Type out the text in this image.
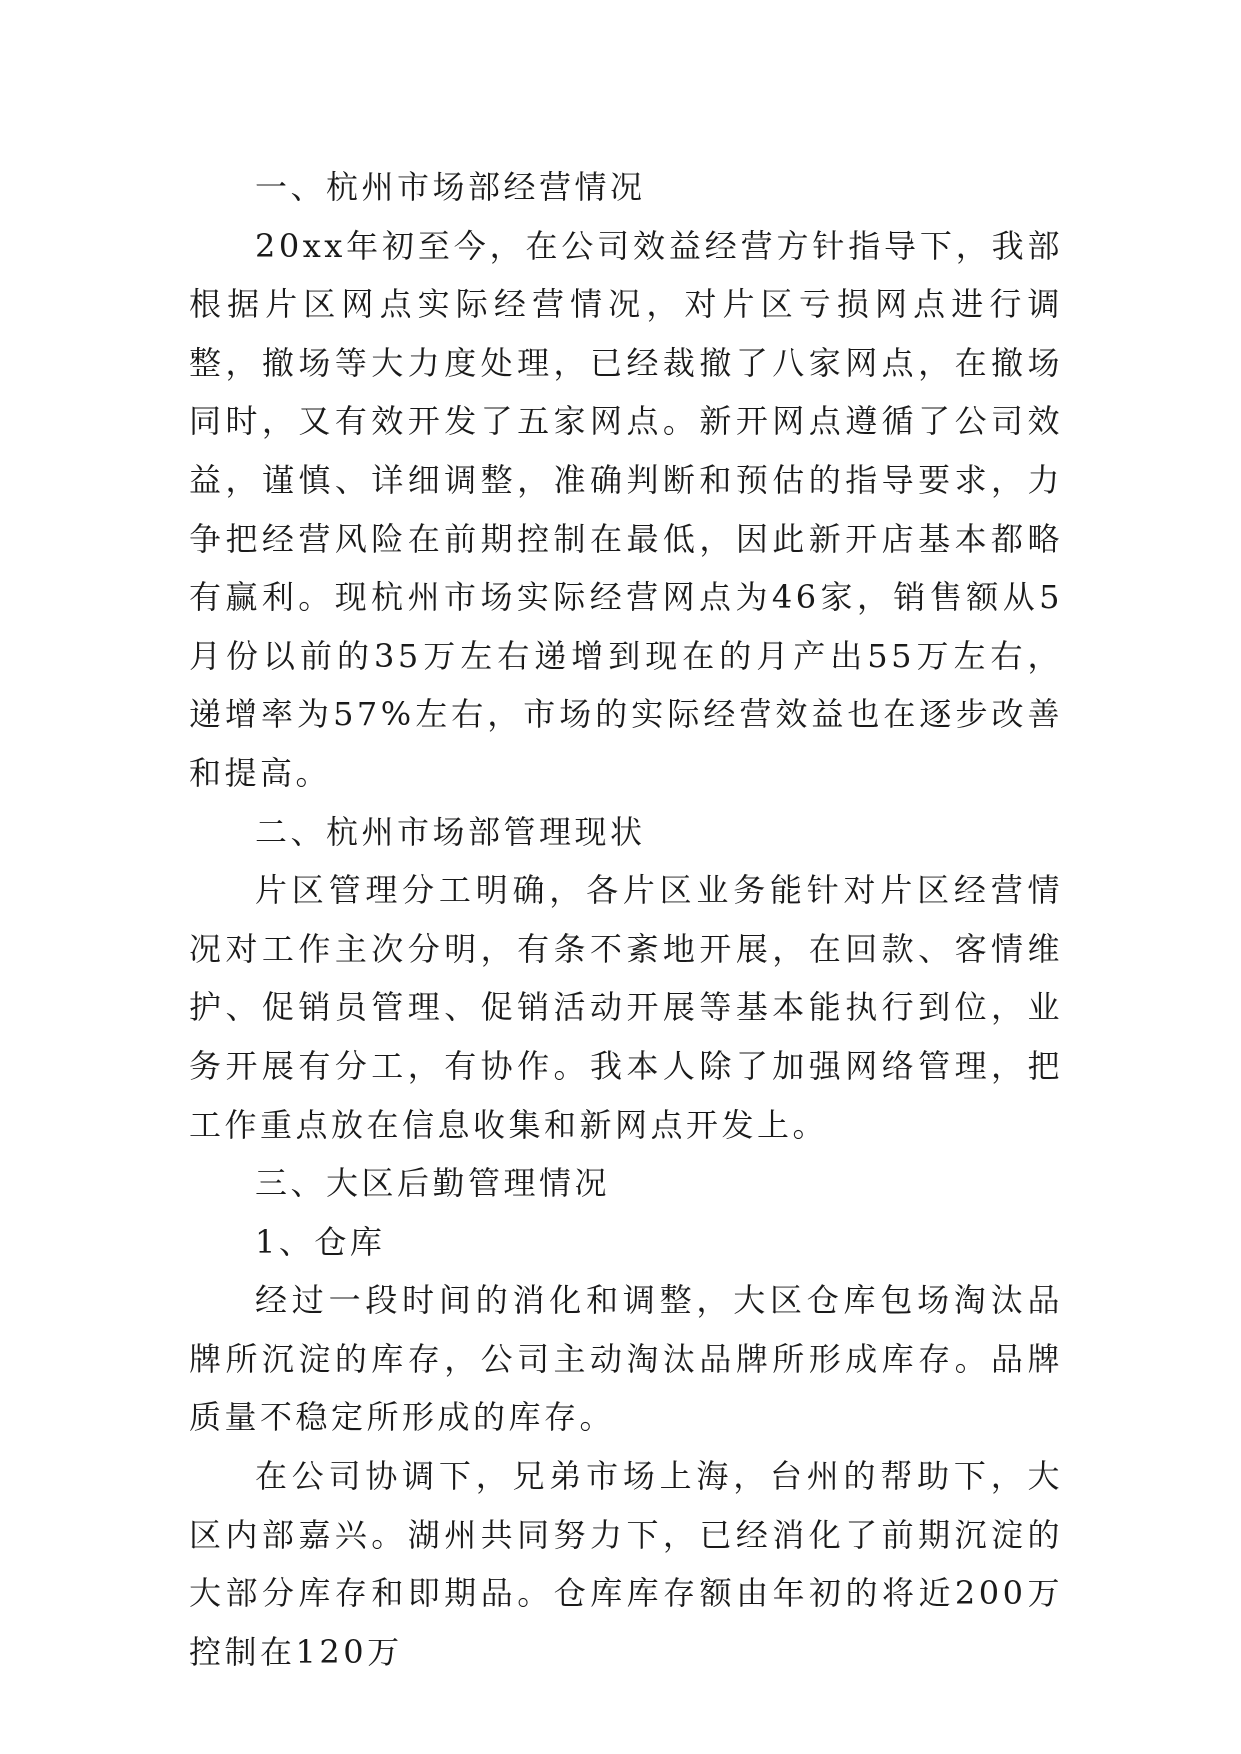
一、杭州市场部经营情况

20xx年初至今，在公司效益经营方针指导下，我部根据片区网点实际经营情况，对片区亏损网点进行调整，撤场等大力度处理，已经裁撤了八家网点，在撤场同时，又有效开发了五家网点。新开网点遵循了公司效益，谨慎、详细调整，准确判断和预估的指导要求，力争把经营风险在前期控制在最低，因此新开店基本都略有赢利。现杭州市场实际经营网点为46家，销售额从5月份以前的35万左右递增到现在的月产出55万左右，递增率为57%左右，市场的实际经营效益也在逐步改善和提高。

二、杭州市场部管理现状

片区管理分工明确，各片区业务能针对片区经营情况对工作主次分明，有条不紊地开展，在回款、客情维护、促销员管理、促销活动开展等基本能执行到位，业务开展有分工，有协作。我本人除了加强网络管理，把工作重点放在信息收集和新网点开发上。

三、大区后勤管理情况

1、仓库

经过一段时间的消化和调整，大区仓库包场淘汰品牌所沉淀的库存，公司主动淘汰品牌所形成库存。品牌质量不稳定所形成的库存。

在公司协调下，兄弟市场上海，台州的帮助下，大区内部嘉兴。湖州共同努力下，已经消化了前期沉淀的大部分库存和即期品。仓库库存额由年初的将近200万控制在120万
